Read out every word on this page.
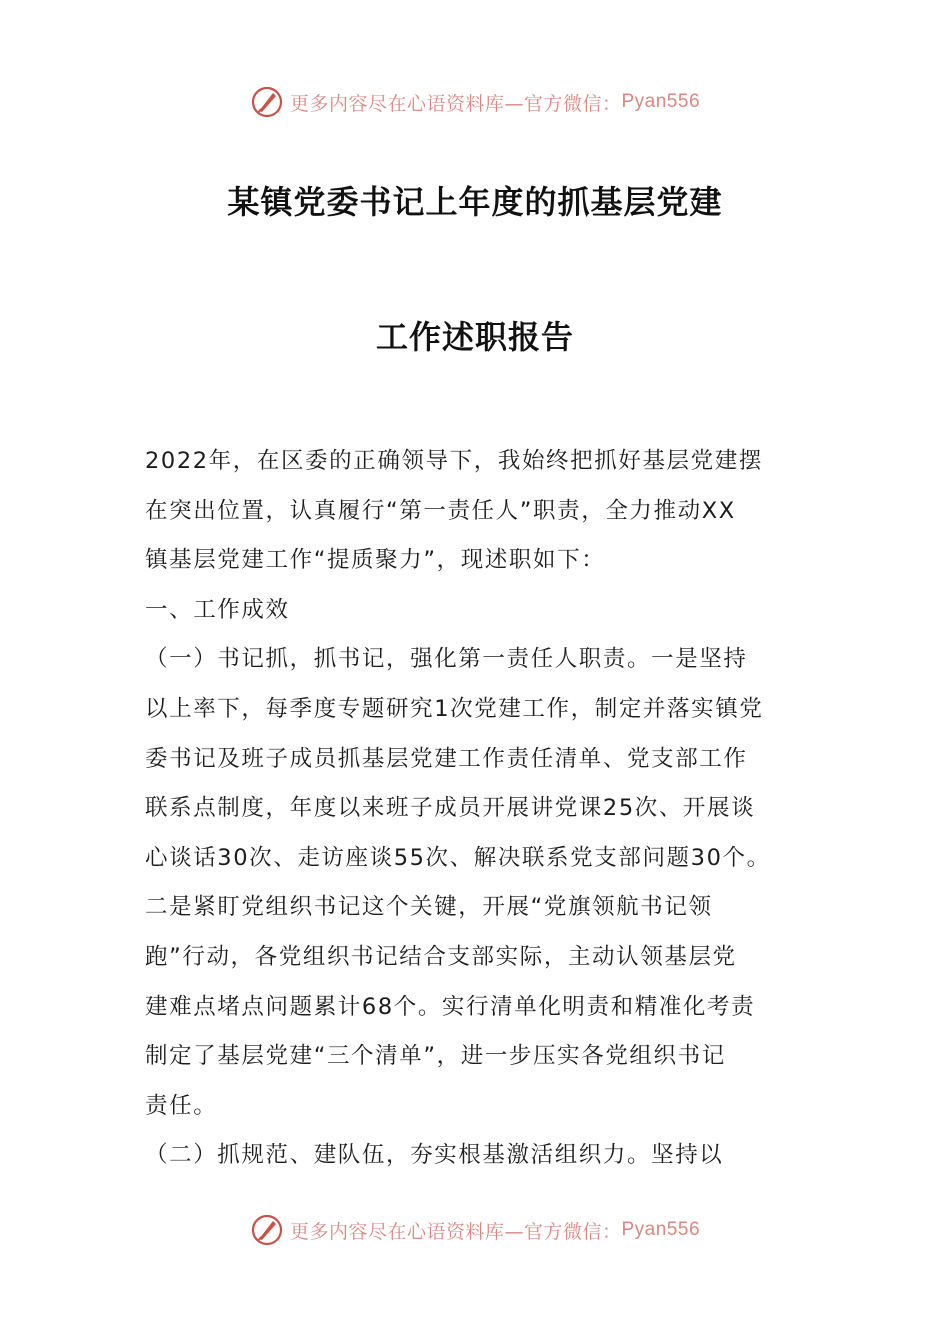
更多内容尽在心语资料库—官方微信： Pyan556
某镇党委书记上年度的抓基层党建
工作述职报告
2022年，在区委的正确领导下，我始终把抓好基层党建摆
在突出位置，认真履行“第一责任人”职责，全力推动XX
镇基层党建工作“提质聚力”，现述职如下：
一、工作成效
（一）书记抓，抓书记，强化第一责任人职责。一是坚持
以上率下，每季度专题研究1次党建工作，制定并落实镇党
委书记及班子成员抓基层党建工作责任清单、党支部工作
联系点制度，年度以来班子成员开展讲党课25次、开展谈
心谈话30次、走访座谈55次、解决联系党支部问题30个。
二是紧盯党组织书记这个关键，开展“党旗领航书记领
跑”行动，各党组织书记结合支部实际，主动认领基层党
建难点堵点问题累计68个。实行清单化明责和精准化考责
制定了基层党建“三个清单”，进一步压实各党组织书记
责任。
（二）抓规范、建队伍，夯实根基激活组织力。坚持以
更多内容尽在心语资料库—官方微信： Pyan556
